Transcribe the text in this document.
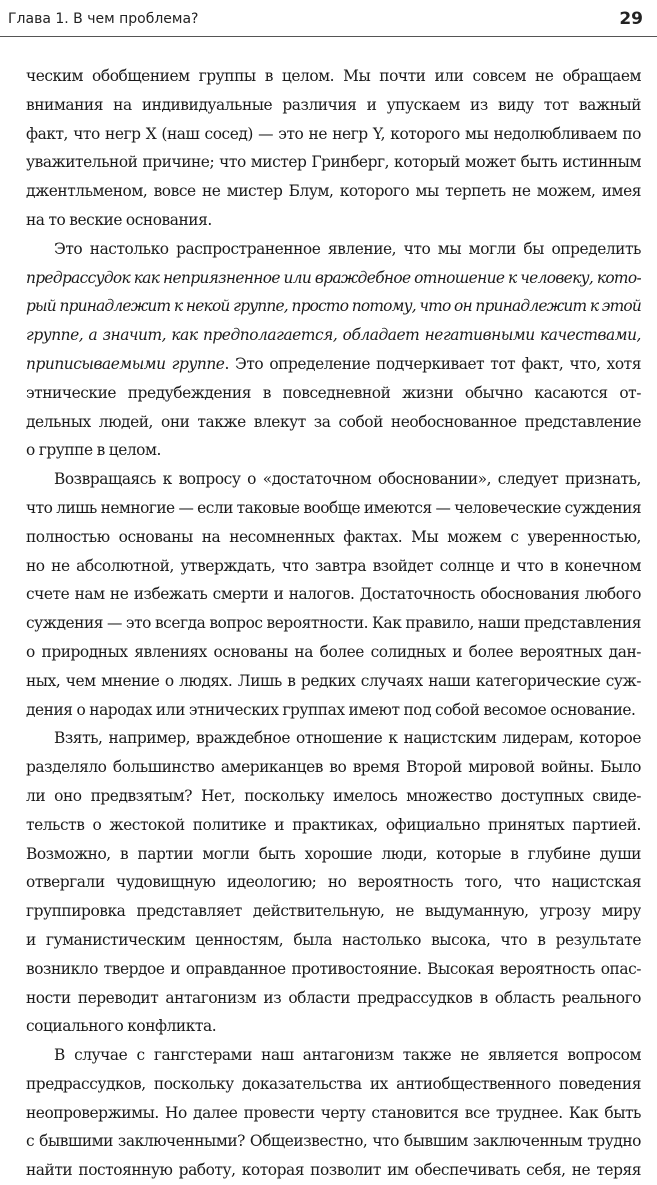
Глава 1. В чем проблема?	29
ческим обобщением группы в целом. Мы почти или совсем не обращаем
внимания на индивидуальные различия и упускаем из виду тот важный
факт, что негр X (наш сосед) — это не негр Y, которого мы недолюбливаем по
уважительной причине; что мистер Гринберг, который может быть истинным
джентльменом, вовсе не мистер Блум, которого мы терпеть не можем, имея
на то веские основания.
Это настолько распространенное явление, что мы могли бы определить
предрассудок как неприязненное или враждебное отношение к человеку, кото-
рый принадлежит к некой группе, просто потому, что он принадлежит к этой
группе, а значит, как предполагается, обладает негативными качествами,
приписываемыми группе. Это определение подчеркивает тот факт, что, хотя
этнические предубеждения в повседневной жизни обычно касаются от-
дельных людей, они также влекут за собой необоснованное представление
о группе в целом.
Возвращаясь к вопросу о «достаточном обосновании», следует признать,
что лишь немногие — если таковые вообще имеются — человеческие суждения
полностью основаны на несомненных фактах. Мы можем с уверенностью,
но не абсолютной, утверждать, что завтра взойдет солнце и что в конечном
счете нам не избежать смерти и налогов. Достаточность обоснования любого
суждения — это всегда вопрос вероятности. Как правило, наши представления
о природных явлениях основаны на более солидных и более вероятных дан-
ных, чем мнение о людях. Лишь в редких случаях наши категорические суж-
дения о народах или этнических группах имеют под собой весомое основание.
Взять, например, враждебное отношение к нацистским лидерам, которое
разделяло большинство американцев во время Второй мировой войны. Было
ли оно предвзятым? Нет, поскольку имелось множество доступных свиде-
тельств о жестокой политике и практиках, официально принятых партией.
Возможно, в партии могли быть хорошие люди, которые в глубине души
отвергали чудовищную идеологию; но вероятность того, что нацистская
группировка представляет действительную, не выдуманную, угрозу миру
и гуманистическим ценностям, была настолько высока, что в результате
возникло твердое и оправданное противостояние. Высокая вероятность опас-
ности переводит антагонизм из области предрассудков в область реального
социального конфликта.
В случае с гангстерами наш антагонизм также не является вопросом
предрассудков, поскольку доказательства их антиобщественного поведения
неопровержимы. Но далее провести черту становится все труднее. Как быть
с бывшими заключенными? Общеизвестно, что бывшим заключенным трудно
найти постоянную работу, которая позволит им обеспечивать себя, не теряя
